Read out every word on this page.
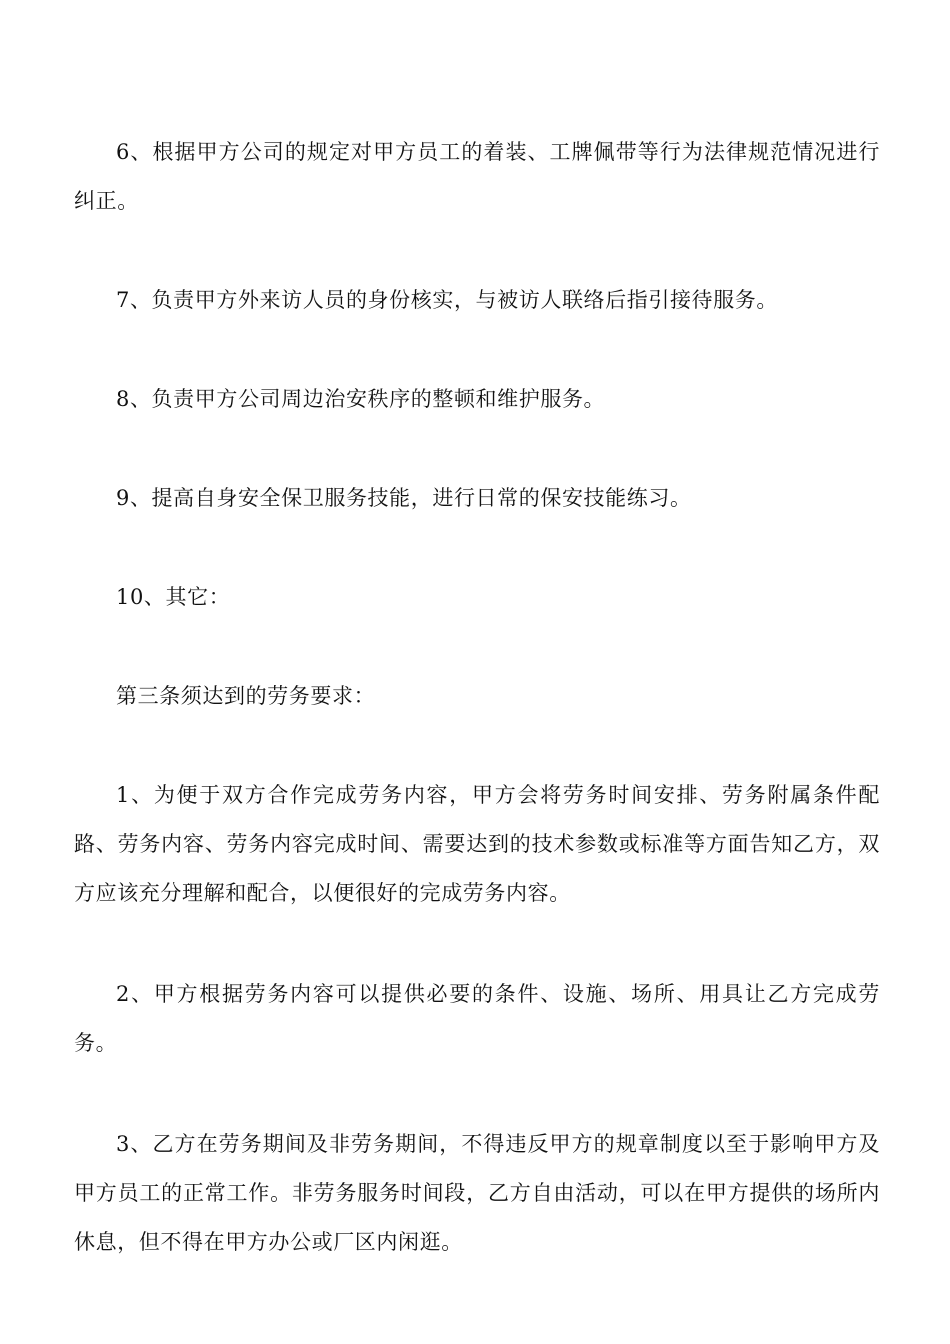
6、根据甲方公司的规定对甲方员工的着装、工牌佩带等行为法律规范情况进行纠正。

7、负责甲方外来访人员的身份核实，与被访人联络后指引接待服务。

8、负责甲方公司周边治安秩序的整顿和维护服务。

9、提高自身安全保卫服务技能，进行日常的保安技能练习。

10、其它：

第三条须达到的劳务要求：

1、为便于双方合作完成劳务内容，甲方会将劳务时间安排、劳务附属条件配路、劳务内容、劳务内容完成时间、需要达到的技术参数或标准等方面告知乙方，双方应该充分理解和配合，以便很好的完成劳务内容。

2、甲方根据劳务内容可以提供必要的条件、设施、场所、用具让乙方完成劳务。

3、乙方在劳务期间及非劳务期间，不得违反甲方的规章制度以至于影响甲方及甲方员工的正常工作。非劳务服务时间段，乙方自由活动，可以在甲方提供的场所内休息，但不得在甲方办公或厂区内闲逛。
